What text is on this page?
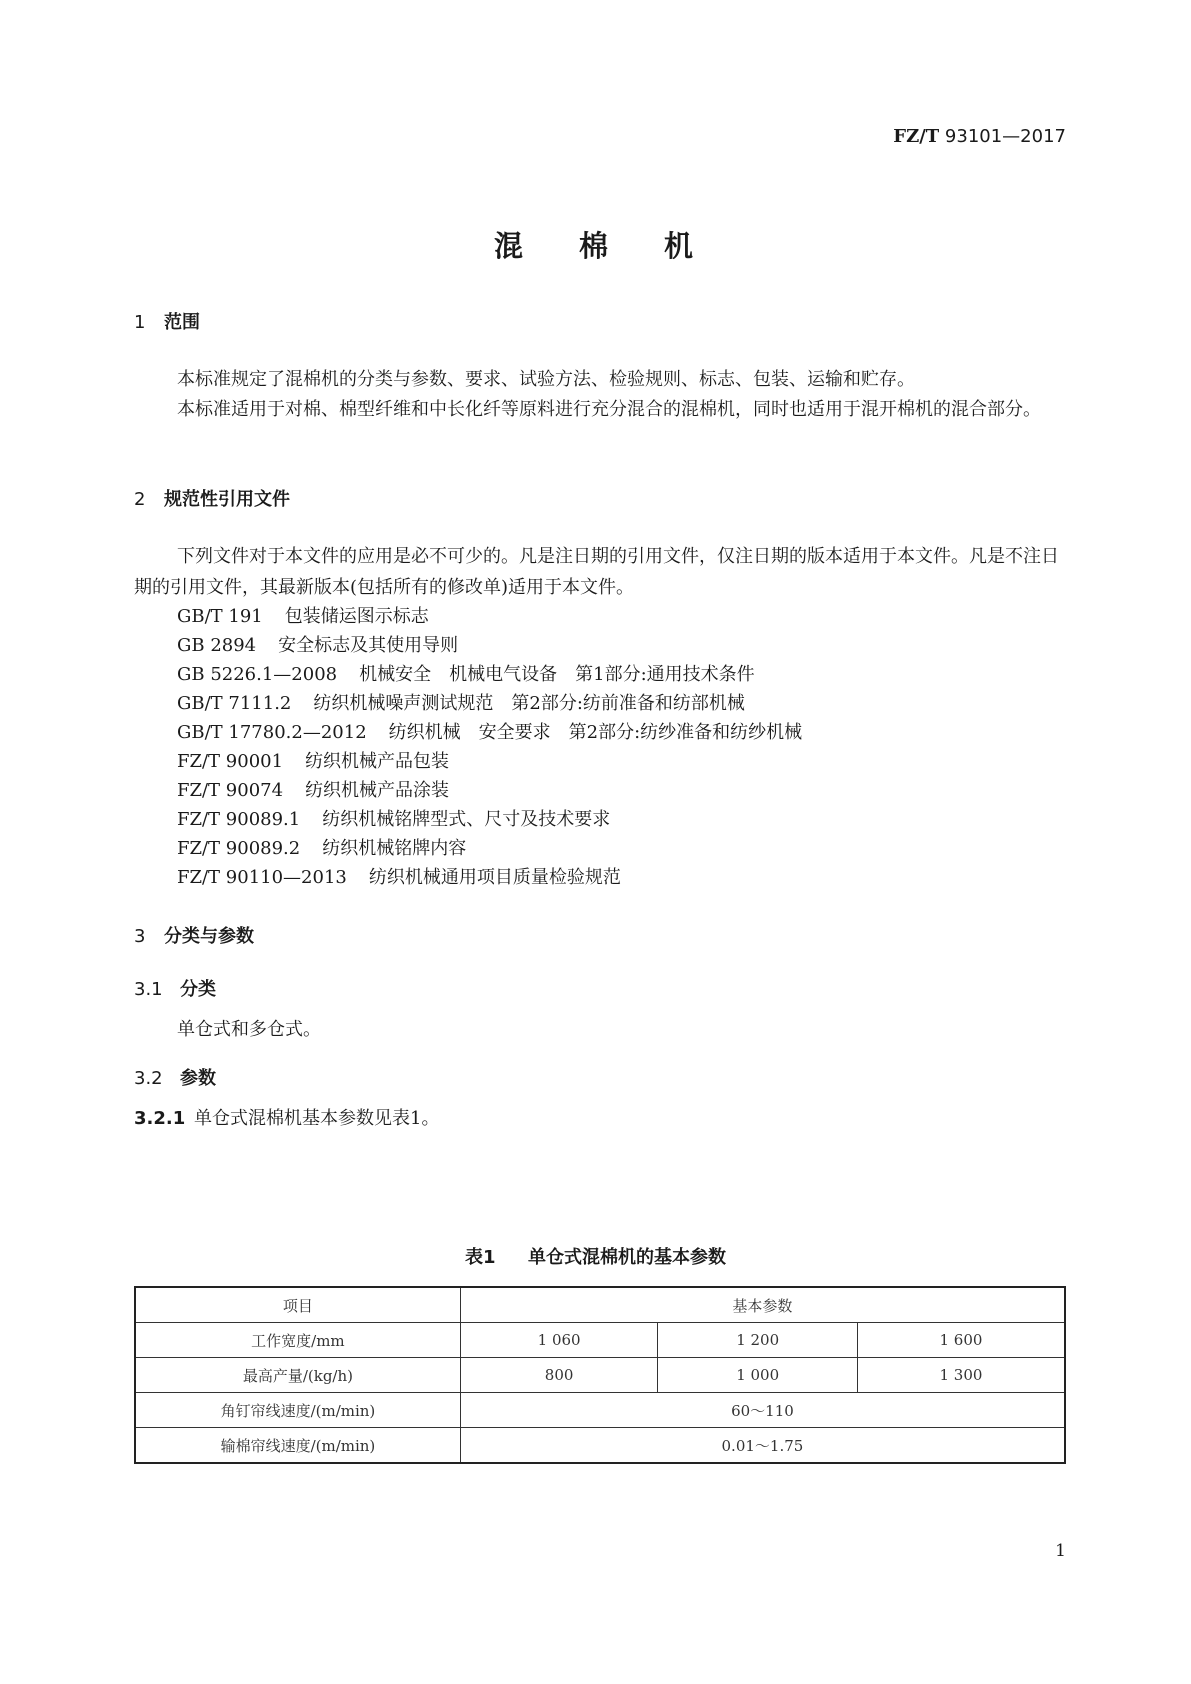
FZ/T 93101—2017
混 棉 机
1 范围
本标准规定了混棉机的分类与参数、要求、试验方法、检验规则、标志、包装、运输和贮存。
本标准适用于对棉、棉型纤维和中长化纤等原料进行充分混合的混棉机，同时也适用于混开棉机的混合部分。
2 规范性引用文件
下列文件对于本文件的应用是必不可少的。凡是注日期的引用文件，仅注日期的版本适用于本文件。凡是不注日期的引用文件，其最新版本(包括所有的修改单)适用于本文件。
GB/T 191 包装储运图示标志
GB 2894 安全标志及其使用导则
GB 5226.1—2008 机械安全　机械电气设备　第1部分:通用技术条件
GB/T 7111.2 纺织机械噪声测试规范　第2部分:纺前准备和纺部机械
GB/T 17780.2—2012 纺织机械　安全要求　第2部分:纺纱准备和纺纱机械
FZ/T 90001 纺织机械产品包装
FZ/T 90074 纺织机械产品涂装
FZ/T 90089.1 纺织机械铭牌型式、尺寸及技术要求
FZ/T 90089.2 纺织机械铭牌内容
FZ/T 90110—2013 纺织机械通用项目质量检验规范
3 分类与参数
3.1 分类
单仓式和多仓式。
3.2 参数
3.2.1 单仓式混棉机基本参数见表1。
表1 单仓式混棉机的基本参数
项目	基本参数		
工作宽度/mm	1 060	1 200	1 600
最高产量/(kg/h)	800	1 000	1 300
角钉帘线速度/(m/min)	60～110		
输棉帘线速度/(m/min)	0.01～1.75		
1
